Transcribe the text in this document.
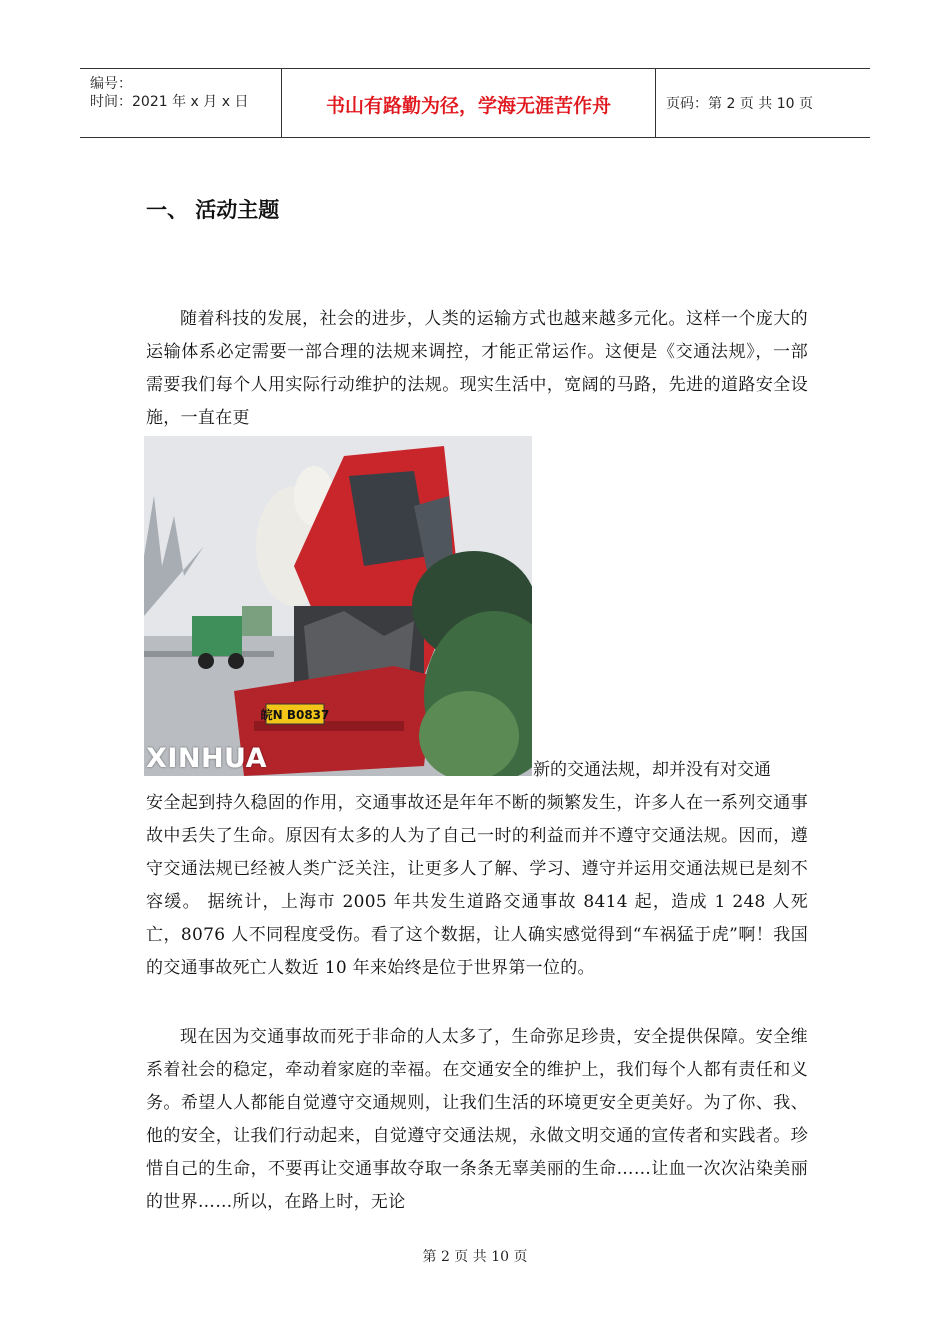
编号：
时间：2021 年 x 月 x 日	书山有路勤为径，学海无涯苦作舟	页码：第 2 页 共 10 页
一、 活动主题
随着科技的发展，社会的进步，人类的运输方式也越来越多元化。这样一个庞大的运输体系必定需要一部合理的法规来调控，才能正常运作。这便是《交通法规》，一部需要我们每个人用实际行动维护的法规。现实生活中，宽阔的马路，先进的道路安全设施，一直在更
皖N B0837
XINHUA	新的交通法规，却并没有对交通
安全起到持久稳固的作用，交通事故还是年年不断的频繁发生，许多人在一系列交通事故中丢失了生命。原因有太多的人为了自己一时的利益而并不遵守交通法规。因而，遵守交通法规已经被人类广泛关注，让更多人了解、学习、遵守并运用交通法规已是刻不容缓。 据统计，上海市 2005 年共发生道路交通事故 8414 起，造成 1 248 人死亡，8076 人不同程度受伤。看了这个数据，让人确实感觉得到“车祸猛于虎”啊！我国的交通事故死亡人数近 10 年来始终是位于世界第一位的。
现在因为交通事故而死于非命的人太多了，生命弥足珍贵，安全提供保障。安全维系着社会的稳定，牵动着家庭的幸福。在交通安全的维护上，我们每个人都有责任和义务。希望人人都能自觉遵守交通规则，让我们生活的环境更安全更美好。为了你、我、他的安全，让我们行动起来，自觉遵守交通法规，永做文明交通的宣传者和实践者。珍惜自己的生命，不要再让交通事故夺取一条条无辜美丽的生命……让血一次次沾染美丽的世界……所以，在路上时，无论
第 2 页 共 10 页
